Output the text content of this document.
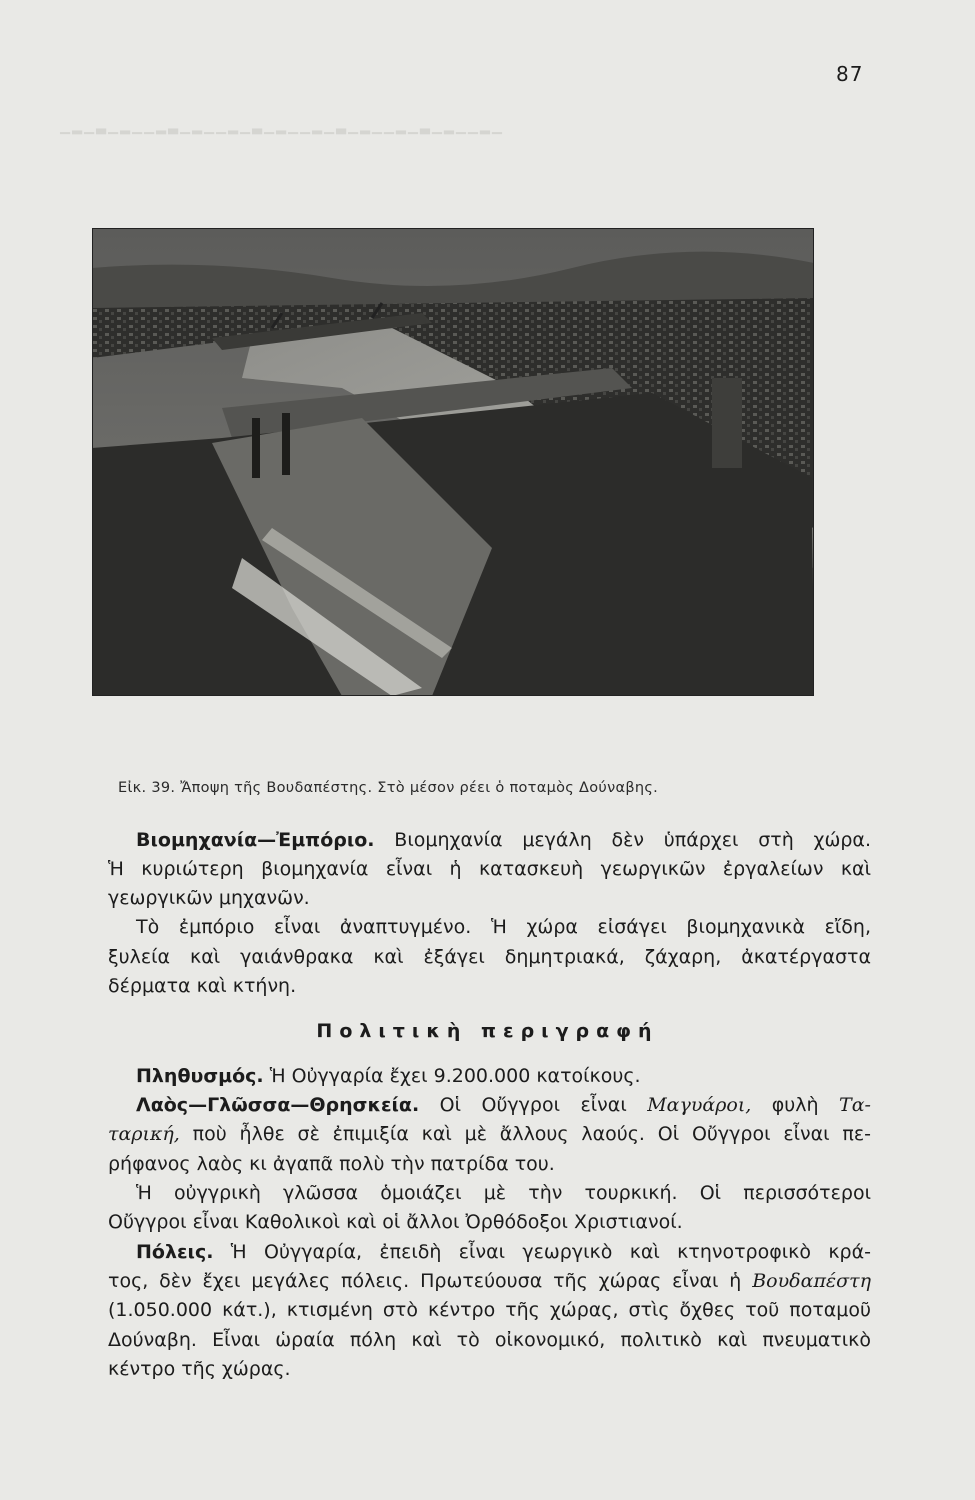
▁▂▁▃▁▂▁▁▂▃▁▂▁▁▂▁▃▁▂▁▁▂▁▃▁▂▁▁▂▁▃▁▂▁▁▂▁
87
Εἰκ. 39. Ἄποψη τῆς Βουδαπέστης. Στὸ μέσον ρέει ὁ ποταμὸς Δούναβης.

Βιομηχανία—Ἐμπόριο. Βιομηχανία μεγάλη δὲν ὑπάρχει στὴ χώρα.

Ἡ κυριώτερη βιομηχανία εἶναι ἡ κατασκευὴ γεωργικῶν ἐργαλείων καὶ

γεωργικῶν μηχανῶν.

Τὸ ἐμπόριο εἶναι ἀναπτυγμένο. Ἡ χώρα εἰσάγει βιομηχανικὰ εἴδη,

ξυλεία καὶ γαιάνθρακα καὶ ἐξάγει δημητριακά, ζάχαρη, ἀκατέργαστα

δέρματα καὶ κτήνη.

Πολιτικὴ περιγραφή

Πληθυσμός. Ἡ Οὐγγαρία ἔχει 9.200.000 κατοίκους.

Λαὸς—Γλῶσσα—Θρησκεία. Οἱ Οὔγγροι εἶναι Μαγυάροι, φυλὴ Τα-

ταρική, ποὺ ἦλθε σὲ ἐπιμιξία καὶ μὲ ἄλλους λαούς. Οἱ Οὔγγροι εἶναι πε-

ρήφανος λαὸς κι ἀγαπᾶ πολὺ τὴν πατρίδα του.

Ἡ οὐγγρικὴ γλῶσσα ὁμοιάζει μὲ τὴν τουρκική. Οἱ περισσότεροι

Οὔγγροι εἶναι Καθολικοὶ καὶ οἱ ἄλλοι Ὀρθόδοξοι Χριστιανοί.

Πόλεις. Ἡ Οὐγγαρία, ἐπειδὴ εἶναι γεωργικὸ καὶ κτηνοτροφικὸ κρά-

τος, δὲν ἔχει μεγάλες πόλεις. Πρωτεύουσα τῆς χώρας εἶναι ἡ Βουδαπέστη

(1.050.000 κάτ.), κτισμένη στὸ κέντρο τῆς χώρας, στὶς ὄχθες τοῦ ποταμοῦ

Δούναβη. Εἶναι ὡραία πόλη καὶ τὸ οἰκονομικό, πολιτικὸ καὶ πνευματικὸ

κέντρο τῆς χώρας.
